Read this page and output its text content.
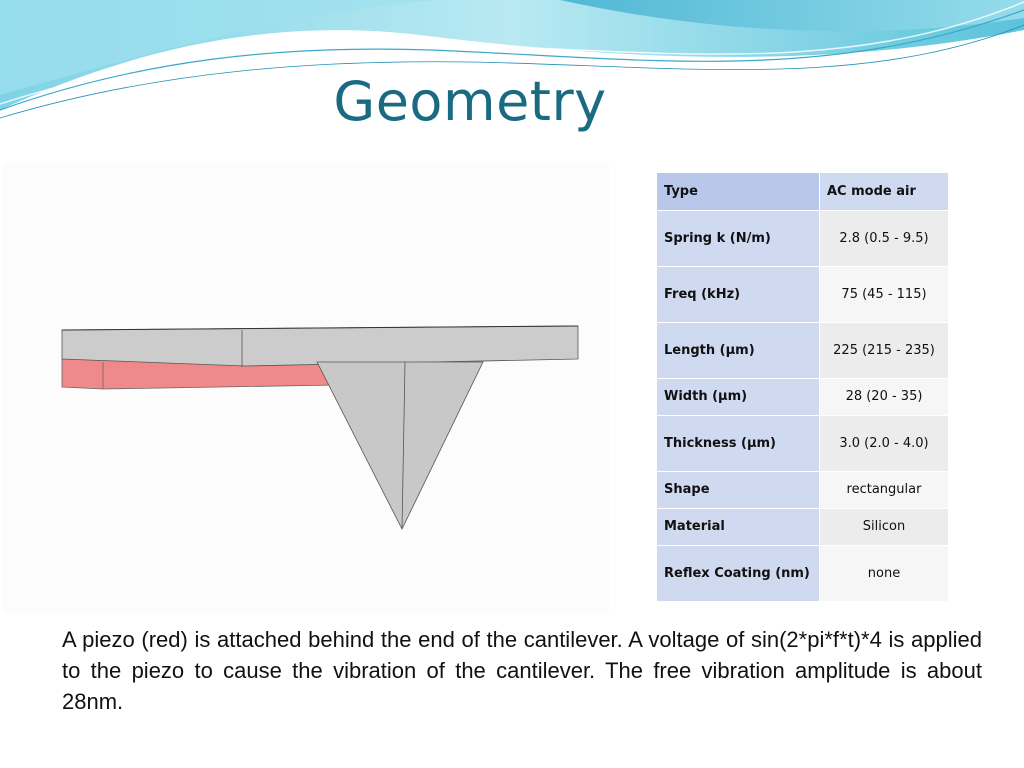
Geometry
Type	AC mode air
Spring k (N/m)	2.8 (0.5 - 9.5)
Freq (kHz)	75 (45 - 115)
Length (µm)	225 (215 - 235)
Width (µm)	28 (20 - 35)
Thickness (µm)	3.0 (2.0 - 4.0)
Shape	rectangular
Material	Silicon
Reflex Coating (nm)	none
A piezo (red) is attached behind the end of the cantilever. A voltage of sin(2*pi*f*t)*4 is applied to the piezo to cause the vibration of the cantilever. The free vibration amplitude is about 28nm.
